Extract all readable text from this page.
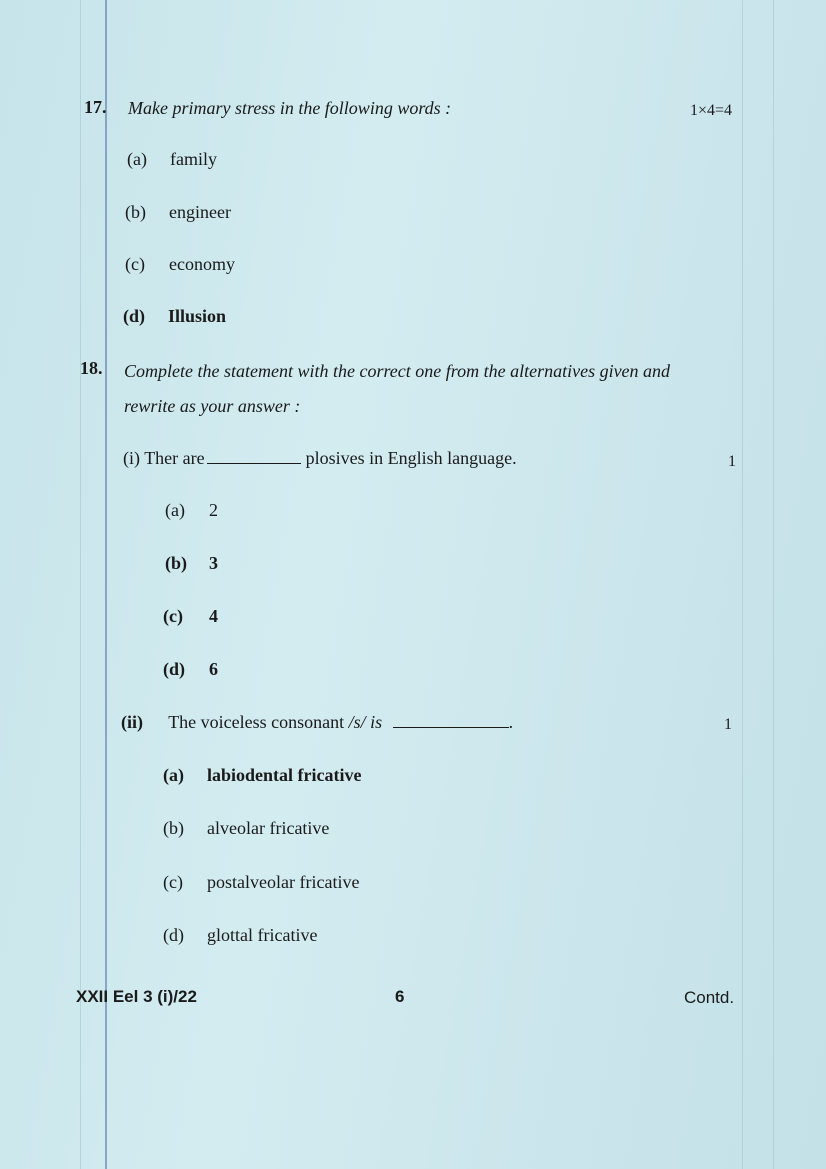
17. Make primary stress in the following words :	1×4=4
(a) family
(b) engineer
(c) economy
(d) Illusion
18. Complete the statement with the correct one from the alternatives given and
rewrite as your answer :
(i) Ther are	plosives in English language.	1
(a) 2
(b) 3
(c) 4
(d) 6
(ii) The voiceless consonant /s/ is	.	1
(a) labiodental fricative
(b) alveolar fricative
(c) postalveolar fricative
(d) glottal fricative
XXII Eel 3 (i)/22	6	Contd.
